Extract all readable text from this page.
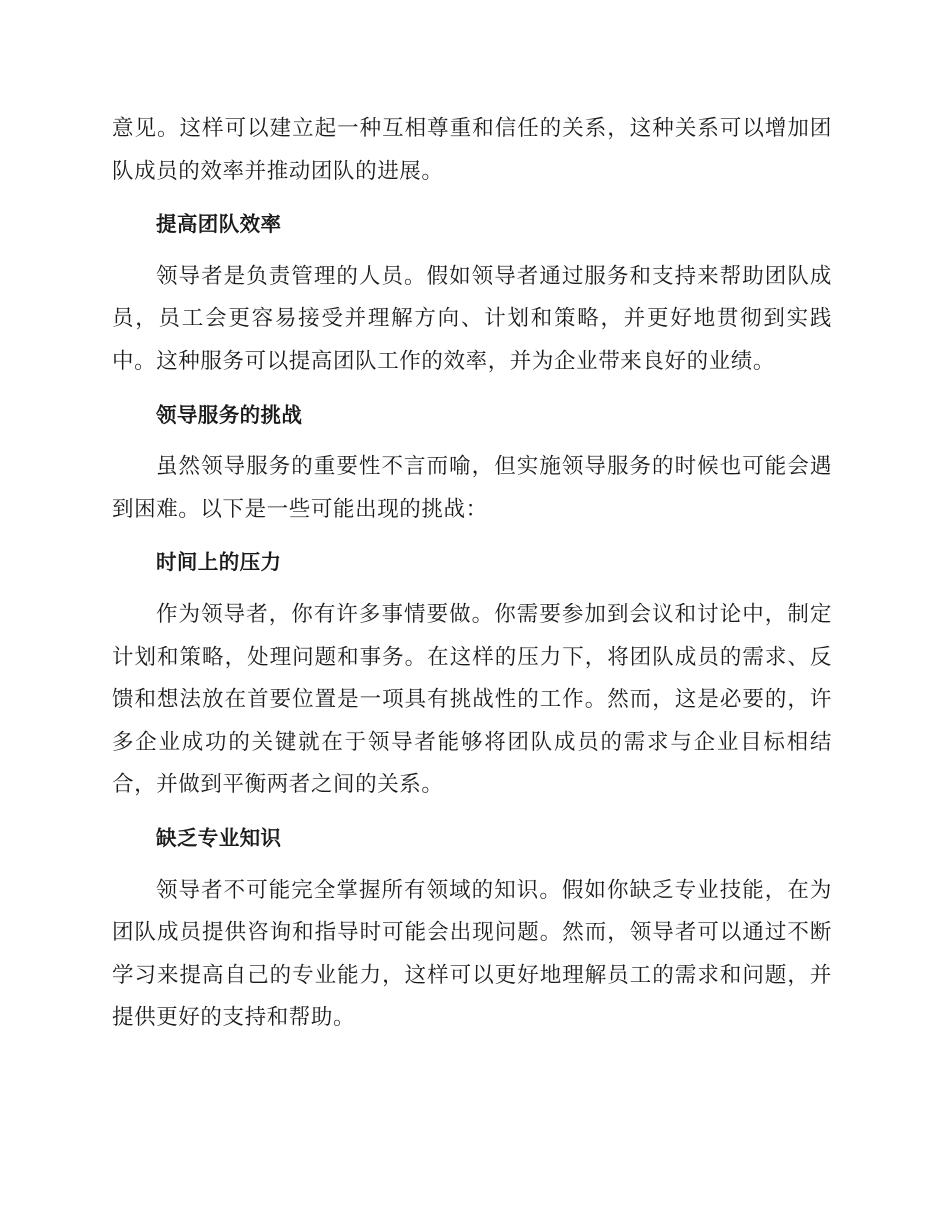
意见。这样可以建立起一种互相尊重和信任的关系，这种关系可以增加团队成员的效率并推动团队的进展。

提高团队效率

领导者是负责管理的人员。假如领导者通过服务和支持来帮助团队成员，员工会更容易接受并理解方向、计划和策略，并更好地贯彻到实践中。这种服务可以提高团队工作的效率，并为企业带来良好的业绩。

领导服务的挑战

虽然领导服务的重要性不言而喻，但实施领导服务的时候也可能会遇到困难。以下是一些可能出现的挑战：

时间上的压力

作为领导者，你有许多事情要做。你需要参加到会议和讨论中，制定计划和策略，处理问题和事务。在这样的压力下，将团队成员的需求、反馈和想法放在首要位置是一项具有挑战性的工作。然而，这是必要的，许多企业成功的关键就在于领导者能够将团队成员的需求与企业目标相结合，并做到平衡两者之间的关系。

缺乏专业知识

领导者不可能完全掌握所有领域的知识。假如你缺乏专业技能，在为团队成员提供咨询和指导时可能会出现问题。然而，领导者可以通过不断学习来提高自己的专业能力，这样可以更好地理解员工的需求和问题，并提供更好的支持和帮助。
